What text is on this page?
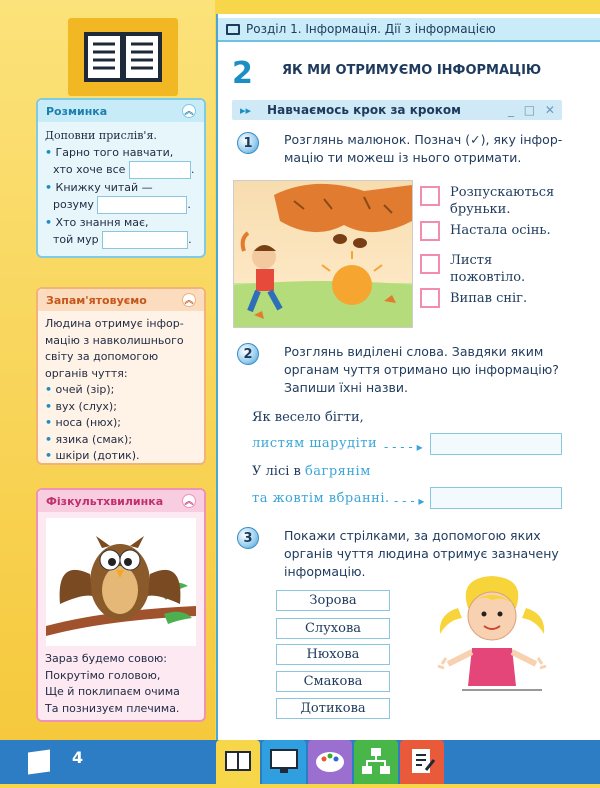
Розминка	︽
Доповни прислів'я.
• Гарно того навчати,
хто хоче все	.
• Книжку читай —
розуму	.
• Хто знання має,
той мур	.
Запам'ятовуємо	︽
Людина отримує інфор-
мацію з навколишнього
світу за допомогою
органів чуття:
• очей (зір);
• вух (слух);
• носа (нюх);
• язика (смак);
• шкіри (дотик).
Фізкультхвилинка ︽
Зараз будемо совою:
Покрутімо головою,
Ще й поклипаєм очима
Та познизуєм плечима.
Розділ 1. Інформація. Дії з інформацією
2 ЯК МИ ОТРИМУЄМО ІНФОРМАЦІЮ
▸▸ Навчаємось крок за кроком	_ □ ✕
1	Розглянь малюнок. Познач (✓), яку інфор-
мацію ти можеш із нього отримати.
Розпускаються
бруньки.
Настала осінь.
Листя
пожовтіло.
Випав сніг.
2	Розглянь виділені слова. Завдяки яким
органам чуття отримано цю інформацію?
Запиши їхні назви.
Як весело бігти,
листям шарудіти - - - - ▸
У лісі в багрянім
та жовтім вбранні. - - - ▸
3	Покажи стрілками, за допомогою яких
органів чуття людина отримує зазначену
інформацію.
Зорова
Слухова
Нюхова
Смакова
Дотикова
4
